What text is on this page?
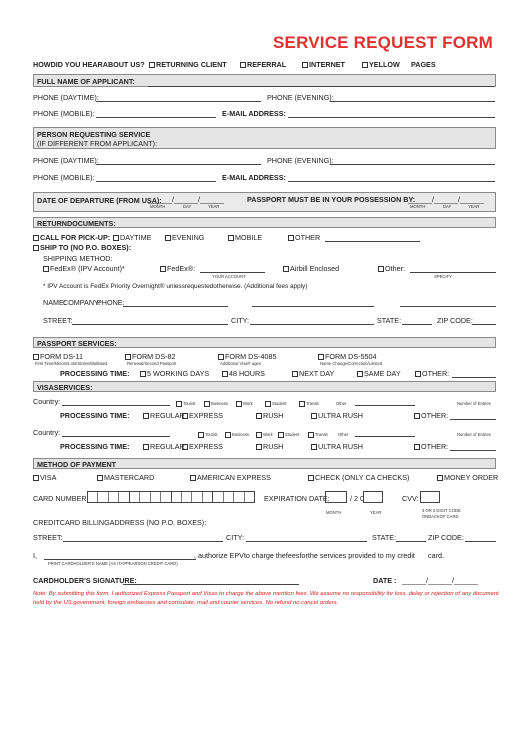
SERVICE REQUEST FORM
HOWDID YOU HEARABOUT US?	RETURNING CLIENT	REFERRAL	INTERNET	YELLOW PAGES
FULL NAME OF APPLICANT:
PHONE (DAYTIME):	PHONE (EVENING):
PHONE (MOBILE):	E-MAIL ADDRESS:
PERSON REQUESTING SERVICE
(IF DIFFERENT FROM APPLICANT):
PHONE (DAYTIME):	PHONE (EVENING):
PHONE (MOBILE):	E-MAIL ADDRESS:
DATE OF DEPARTURE (FROM USA):
______/______/______
MONTH	DAY	YEAR
PASSPORT MUST BE IN YOUR POSSESSION BY:
______/______/______
MONTH	DAY	YEAR
RETURNDOCUMENTS:
CALL FOR PICK-UP:	DAYTIME	EVENING	MOBILE	OTHER
SHIP TO (NO P.O. BOXES):
SHIPPING METHOD:
FedEx® (IPV Account)*	FedEx®:
YOUR ACCOUNT
Airbill Enclosed	Other:
SPECIFY
* IPV Account is FedEx Priority Overnight® unlessrequestedotherwise. (Additional fees apply)
NAME:
COMPANY:
PHONE:
STREET:	CITY:	STATE:	ZIP CODE:
PASSPORT SERVICES:
FORM DS-11
First Time/Minors/Lost/Stolen/Mutilated
FORM DS-82
Renewal/Second Passport
FORM DS-4085
Additional Visa® ages
FORM DS-5504
Name Change/Correction/Limited
PROCESSING TIME:	5 WORKING DAYS	48 HOURS	NEXT DAY	SAME DAY	OTHER:
VISASERVICES:
Country:	Tourist	Business	Work	Student	Transit	Other	Number of Entries
PROCESSING TIME:	REGULAR EXPRESS	RUSH	ULTRA RUSH	OTHER:
Country:	Tourist	Business	Work	Student	Transit Other	Number of Entries
PROCESSING TIME:	REGULAR EXPRESS	RUSH	ULTRA RUSH	OTHER:
METHOD OF PAYMENT
VISA	MASTERCARD	AMERICAN EXPRESS	CHECK (ONLY CA CHECKS)	MONEY ORDER
CARD NUMBER:	EXPIRATION DATE:	/ 2 0	CVV:
MONTH	YEAR	3 OR 4 DIGIT CODE
ONBACKOF CARD
CREDITCARD BILLINGADDRESS (NO P.O. BOXES):
STREET:	CITY:	STATE:	ZIP CODE:
I,
PRINT CARDHOLDER'S NAME (AS ITAPPEARSON CREDIT CARD)
, authorize EPVto charge thefeesforthe services provided to my credit card.
CARDHOLDER'S SIGNATURE:	DATE : ______/______/______
Note: By submitting this form. I authorized Express Passport and Visas to charge the above mention fees. We assume no responsibility for loss, delay or rejection of any document
held by the US government, foreign embassies and consulate, mail and courier services. No refund no cancel orders.
